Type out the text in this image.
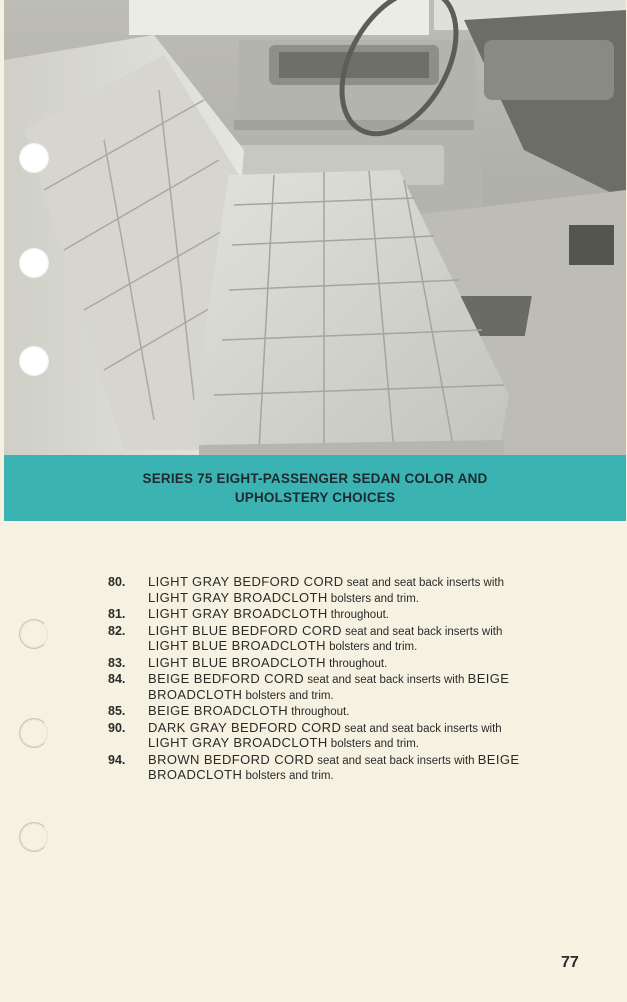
SERIES 75 EIGHT-PASSENGER SEDAN COLOR AND
UPHOLSTERY CHOICES
80.	LIGHT GRAY BEDFORD CORD seat and seat back inserts with LIGHT GRAY BROADCLOTH bolsters and trim.
81.	LIGHT GRAY BROADCLOTH throughout.
82.	LIGHT BLUE BEDFORD CORD seat and seat back inserts with LIGHT BLUE BROADCLOTH bolsters and trim.
83.	LIGHT BLUE BROADCLOTH throughout.
84.	BEIGE BEDFORD CORD seat and seat back inserts with BEIGE BROADCLOTH bolsters and trim.
85.	BEIGE BROADCLOTH throughout.
90.	DARK GRAY BEDFORD CORD seat and seat back inserts with LIGHT GRAY BROADCLOTH bolsters and trim.
94.	BROWN BEDFORD CORD seat and seat back inserts with BEIGE BROADCLOTH bolsters and trim.
77
